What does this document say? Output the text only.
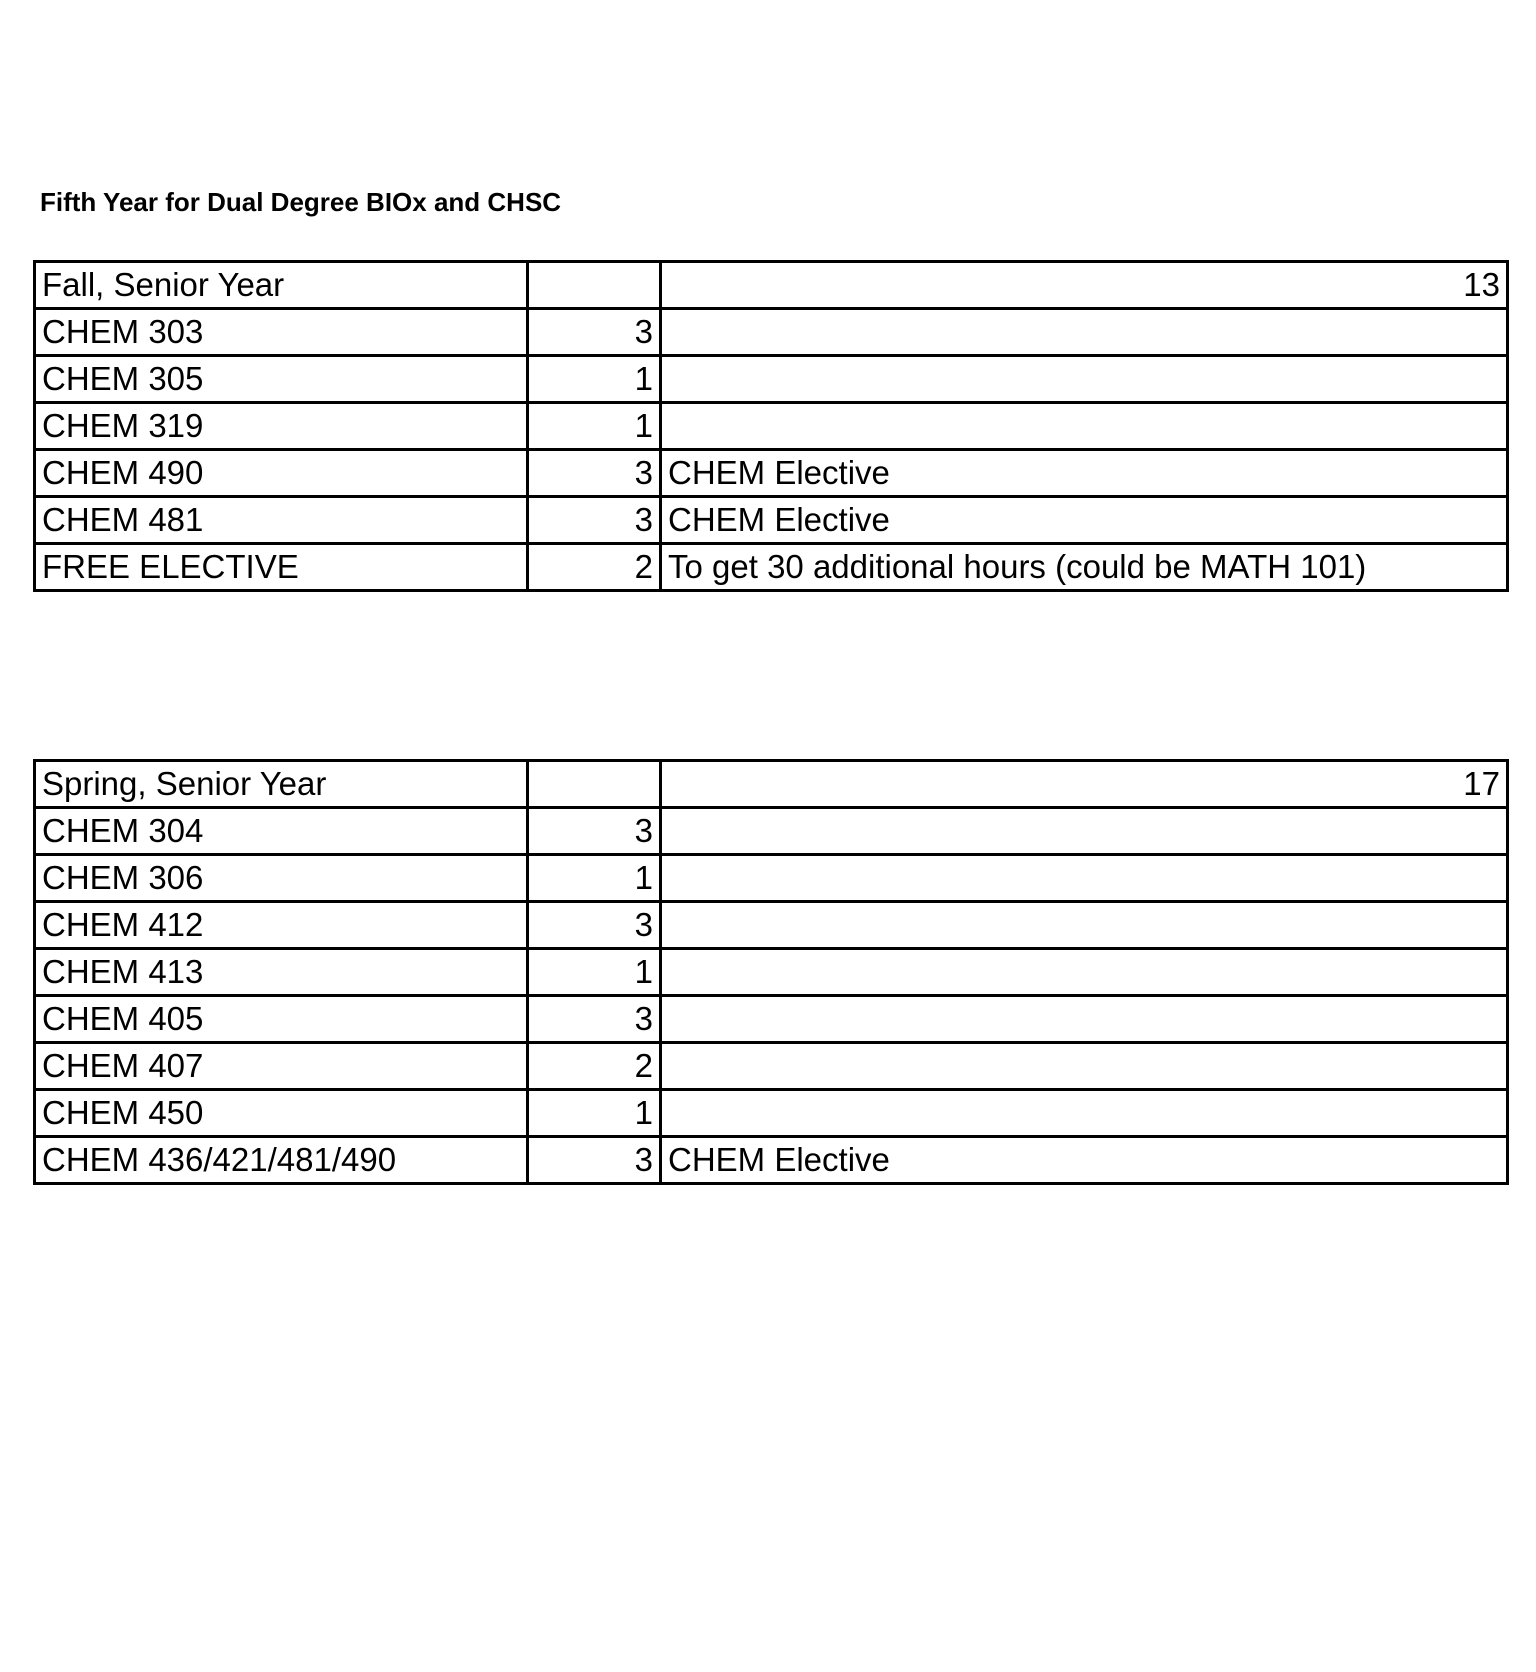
Fifth Year for Dual Degree BIOx and CHSC
Fall, Senior Year		13
CHEM 303	3	
CHEM 305	1	
CHEM 319	1	
CHEM 490	3	CHEM Elective
CHEM 481	3	CHEM Elective
FREE ELECTIVE	2	To get 30 additional hours (could be MATH 101)
Spring, Senior Year		17
CHEM 304	3	
CHEM 306	1	
CHEM 412	3	
CHEM 413	1	
CHEM 405	3	
CHEM 407	2	
CHEM 450	1	
CHEM 436/421/481/490	3	CHEM Elective
